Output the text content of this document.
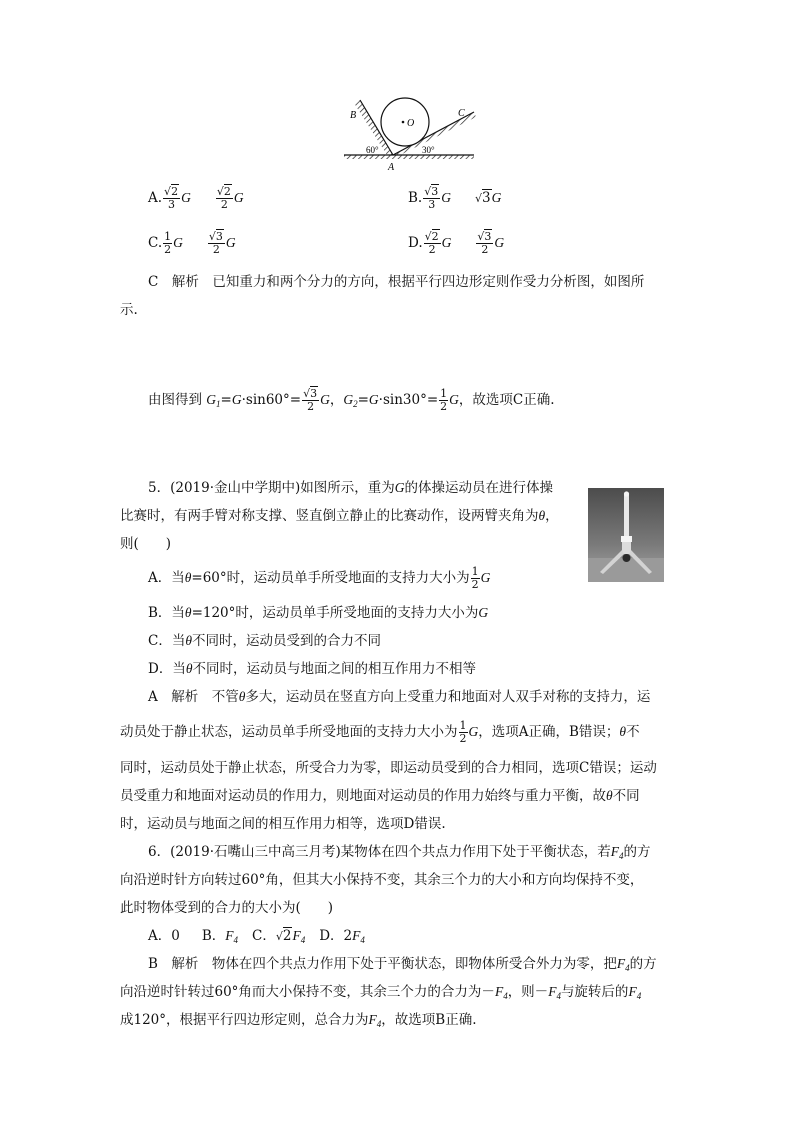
O
B	C
A
60°	30°
A. $\frac{√2}{3}$ G $\frac{√2}{2}$ G	B. $\frac{√3}{3}$ G √3G
C. $\frac{1}{2}$ G $\frac{√3}{2}$ G	D. $\frac{√2}{2}$ G $\frac{√3}{2}$ G
C　解析　已知重力和两个分力的方向，根据平行四边形定则作受力分析图，如图所
示.
由图得到 $G_1=G\cdot\sin 60^\circ= \frac{√3}{2}$ G，$G_2=G\cdot\sin 30^\circ= \frac{1}{2}$ G，故选项C正确.
5．(2019·金山中学期中)如图所示，重为G的体操运动员在进行体操
比赛时，有两手臂对称支撑、竖直倒立静止的比赛动作，设两臂夹角为θ，
则(　　)
A．当θ=60°时，运动员单手所受地面的支持力大小为 $\frac{1}{2}$ G
B．当θ=120°时，运动员单手所受地面的支持力大小为G
C．当θ不同时，运动员受到的合力不同
D．当θ不同时，运动员与地面之间的相互作用力不相等
A　解析　不管θ多大，运动员在竖直方向上受重力和地面对人双手对称的支持力，运
动员处于静止状态，运动员单手所受地面的支持力大小为 $\frac{1}{2}$ G，选项A正确，B错误；θ不
同时，运动员处于静止状态，所受合力为零，即运动员受到的合力相同，选项C错误；运动
员受重力和地面对运动员的作用力，则地面对运动员的作用力始终与重力平衡，故θ不同
时，运动员与地面之间的相互作用力相等，选项D错误.
6．(2019·石嘴山三中高三月考)某物体在四个共点力作用下处于平衡状态，若$F_4$的方
向沿逆时针方向转过60°角，但其大小保持不变，其余三个力的大小和方向均保持不变，
此时物体受到的合力的大小为(　　)
A．0 B．$F_4$ C．$√2F_4$ D．$2F_4$
B　解析　物体在四个共点力作用下处于平衡状态，即物体所受合外力为零，把$F_4$的方
向沿逆时针转过60°角而大小保持不变，其余三个力的合力为$-F_4$，则$-F_4$与旋转后的$F_4$
成120°，根据平行四边形定则，总合力为$F_4$，故选项B正确.
